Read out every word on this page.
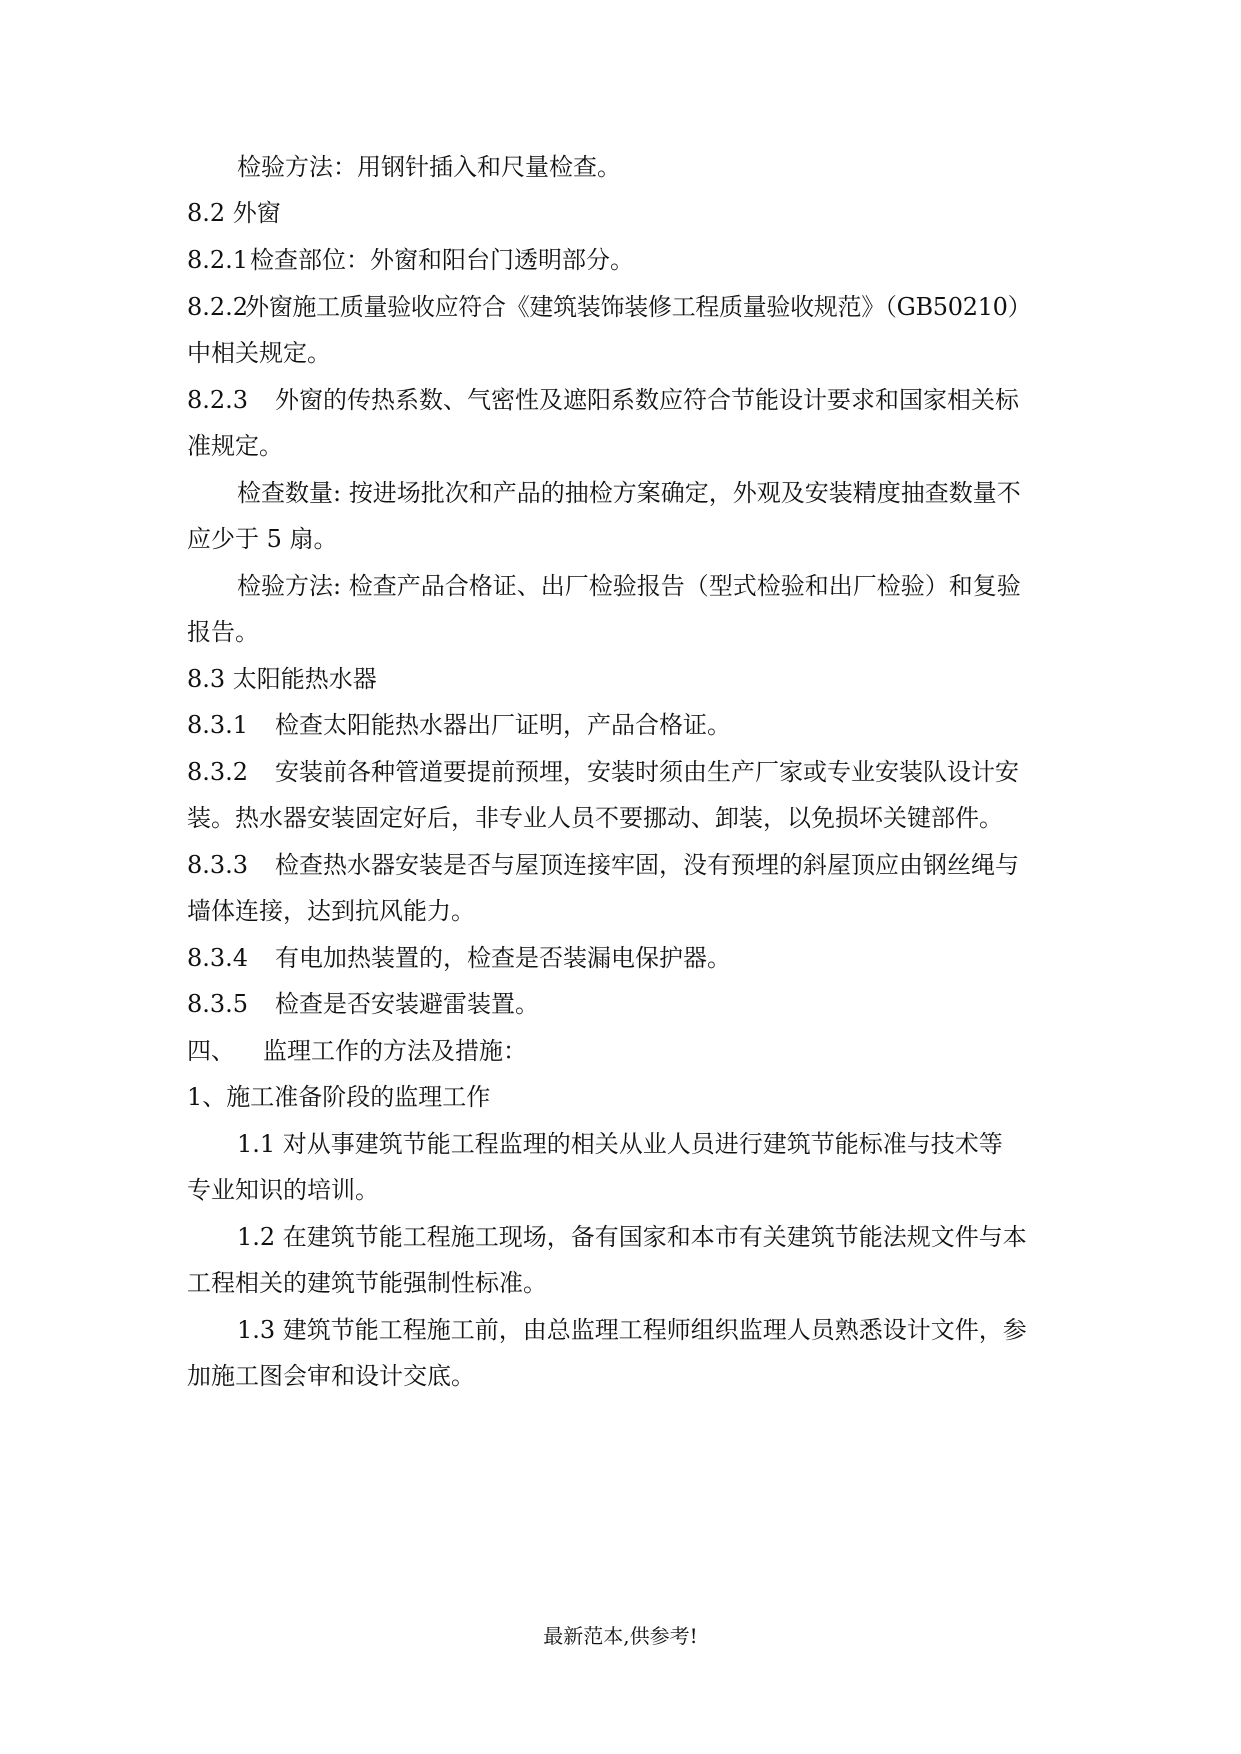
检验方法：用钢针插入和尺量检查。
8.2 外窗
8.2.1检查部位：外窗和阳台门透明部分。
8.2.2外窗施工质量验收应符合《建筑装饰装修工程质量验收规范》（GB50210）
中相关规定。
8.2.3 外窗的传热系数、气密性及遮阳系数应符合节能设计要求和国家相关标
准规定。
检查数量: 按进场批次和产品的抽检方案确定，外观及安装精度抽查数量不
应少于 5 扇。
检验方法: 检查产品合格证、出厂检验报告（型式检验和出厂检验）和复验
报告。
8.3 太阳能热水器
8.3.1 检查太阳能热水器出厂证明，产品合格证。
8.3.2 安装前各种管道要提前预埋，安装时须由生产厂家或专业安装队设计安
装。热水器安装固定好后，非专业人员不要挪动、卸装，以免损坏关键部件。
8.3.3 检查热水器安装是否与屋顶连接牢固，没有预埋的斜屋顶应由钢丝绳与
墙体连接，达到抗风能力。
8.3.4 有电加热装置的，检查是否装漏电保护器。
8.3.5 检查是否安装避雷装置。
四、 监理工作的方法及措施：
1、施工准备阶段的监理工作
1.1 对从事建筑节能工程监理的相关从业人员进行建筑节能标准与技术等
专业知识的培训。
1.2 在建筑节能工程施工现场，备有国家和本市有关建筑节能法规文件与本
工程相关的建筑节能强制性标准。
1.3 建筑节能工程施工前，由总监理工程师组织监理人员熟悉设计文件，参
加施工图会审和设计交底。
最新范本,供参考!
